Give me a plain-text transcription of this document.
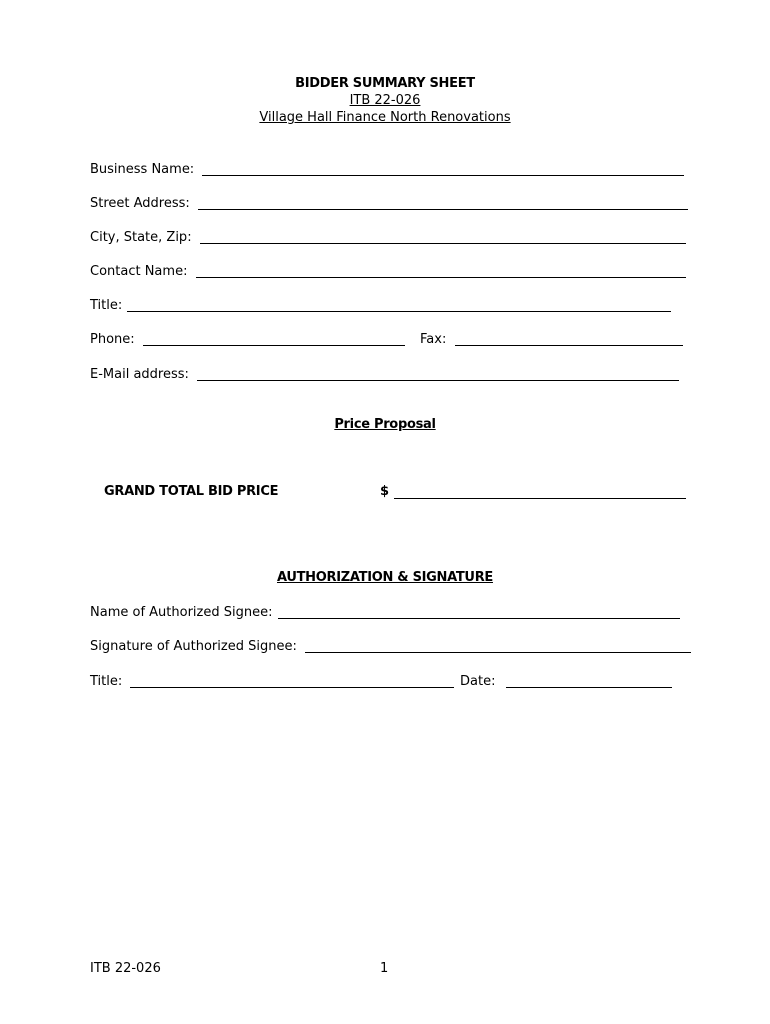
BIDDER SUMMARY SHEET
ITB 22-026
Village Hall Finance North Renovations
Business Name:
Street Address:
City, State, Zip:
Contact Name:
Title:
Phone:	Fax:
E-Mail address:
Price Proposal
GRAND TOTAL BID PRICE	$
AUTHORIZATION & SIGNATURE
Name of Authorized Signee:
Signature of Authorized Signee:
Title:	Date:
ITB 22-026	1
